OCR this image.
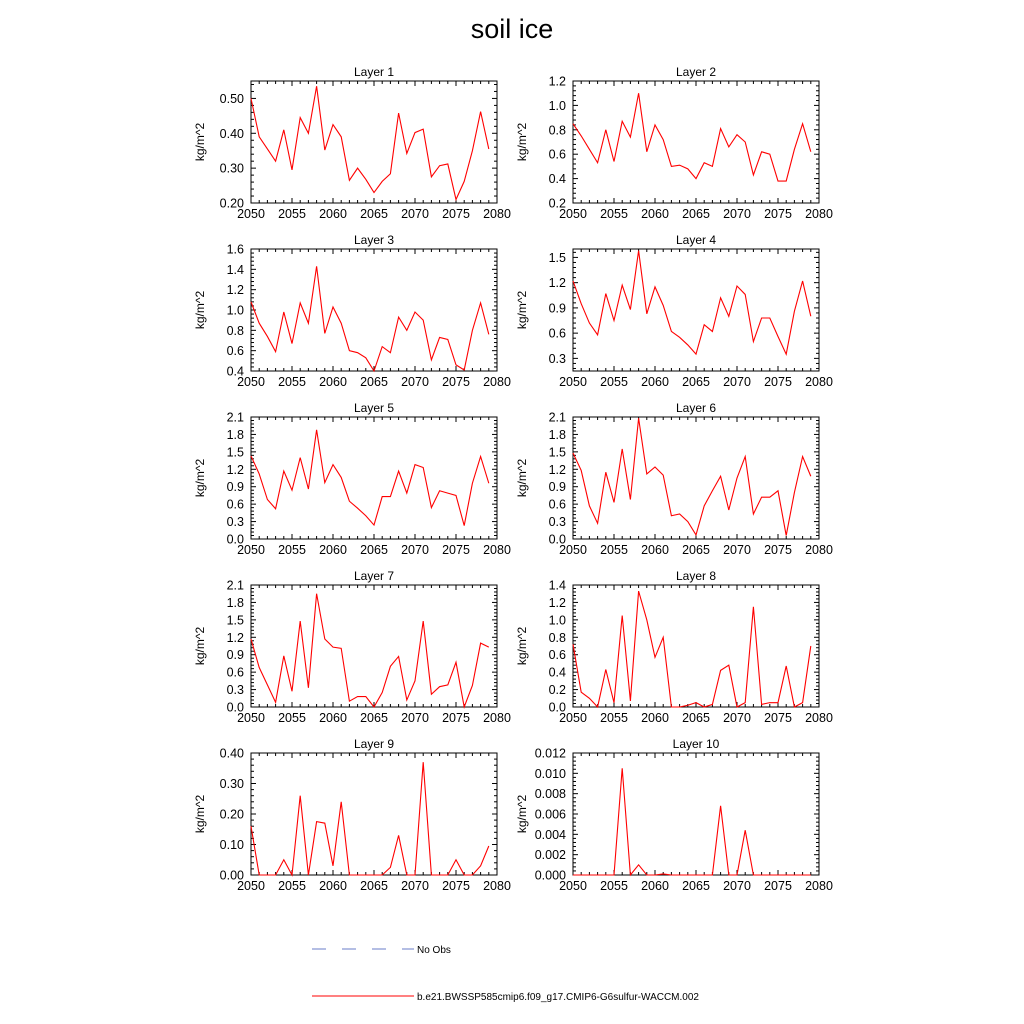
soil ice
Layer 1
2050 2055 2060 2065 2070 2075 2080
0.20
0.30
0.40
0.50
kg/m^2
Layer 2
2050 2055 2060 2065 2070 2075 2080
0.2
0.4
0.6
0.8
1.0
1.2
kg/m^2
Layer 3
2050 2055 2060 2065 2070 2075 2080
0.4
0.6
0.8
1.0
1.2
1.4
1.6
kg/m^2
Layer 4
2050 2055 2060 2065 2070 2075 2080
0.3
0.6
0.9
1.2
1.5
kg/m^2
Layer 5
2050 2055 2060 2065 2070 2075 2080
0.0
0.3
0.6
0.9
1.2
1.5
1.8
2.1
kg/m^2
Layer 6
2050 2055 2060 2065 2070 2075 2080
0.0
0.3
0.6
0.9
1.2
1.5
1.8
2.1
kg/m^2
Layer 7
2050 2055 2060 2065 2070 2075 2080
0.0
0.3
0.6
0.9
1.2
1.5
1.8
2.1
kg/m^2
Layer 8
2050 2055 2060 2065 2070 2075 2080
0.0
0.2
0.4
0.6
0.8
1.0
1.2
1.4
kg/m^2
Layer 9
2050 2055 2060 2065 2070 2075 2080
0.00
0.10
0.20
0.30
0.40
kg/m^2
Layer 10
2050 2055 2060 2065 2070 2075 2080
0.000
0.002
0.004
0.006
0.008
0.010
0.012
kg/m^2
No Obs
b.e21.BWSSP585cmip6.f09_g17.CMIP6-G6sulfur-WACCM.002
